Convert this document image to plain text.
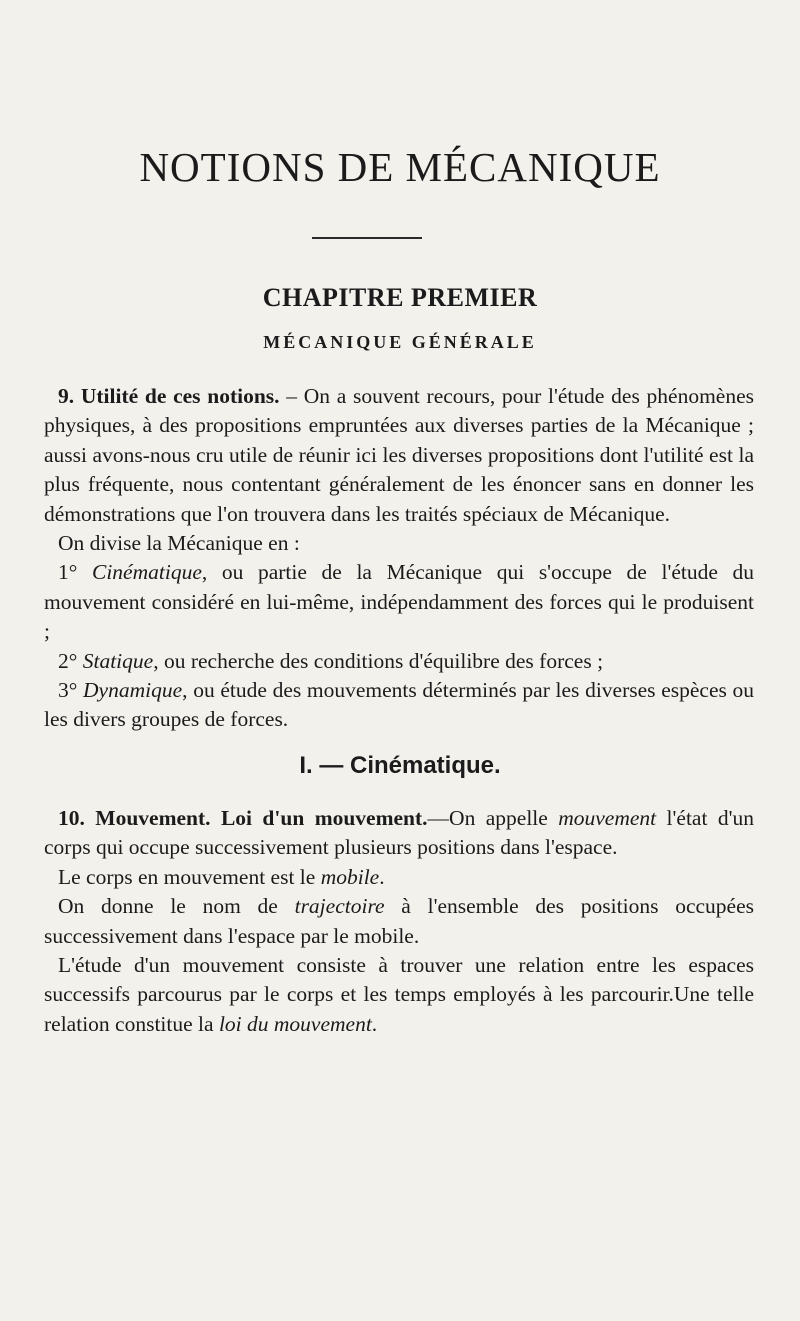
NOTIONS DE MÉCANIQUE
CHAPITRE PREMIER
MÉCANIQUE GÉNÉRALE

9. Utilité de ces notions. – On a souvent recours, pour l'étude des phénomènes physiques, à des propositions empruntées aux diverses parties de la Mécanique ; aussi avons-nous cru utile de réunir ici les diverses propositions dont l'utilité est la plus fréquente, nous contentant généralement de les énoncer sans en donner les démonstrations que l'on trouvera dans les traités spéciaux de Mécanique.

On divise la Mécanique en :

1° Cinématique, ou partie de la Mécanique qui s'occupe de l'étude du mouvement considéré en lui-même, indépendamment des forces qui le produisent ;

2° Statique, ou recherche des conditions d'équilibre des forces ;

3° Dynamique, ou étude des mouvements déterminés par les diverses espèces ou les divers groupes de forces.

I. — Cinématique.

10. Mouvement. Loi d'un mouvement.—On appelle mouvement l'état d'un corps qui occupe successivement plusieurs positions dans l'espace.

Le corps en mouvement est le mobile.

On donne le nom de trajectoire à l'ensemble des positions occupées successivement dans l'espace par le mobile.

L'étude d'un mouvement consiste à trouver une relation entre les espaces successifs parcourus par le corps et les temps employés à les parcourir.Une telle relation constitue la loi du mouvement.
